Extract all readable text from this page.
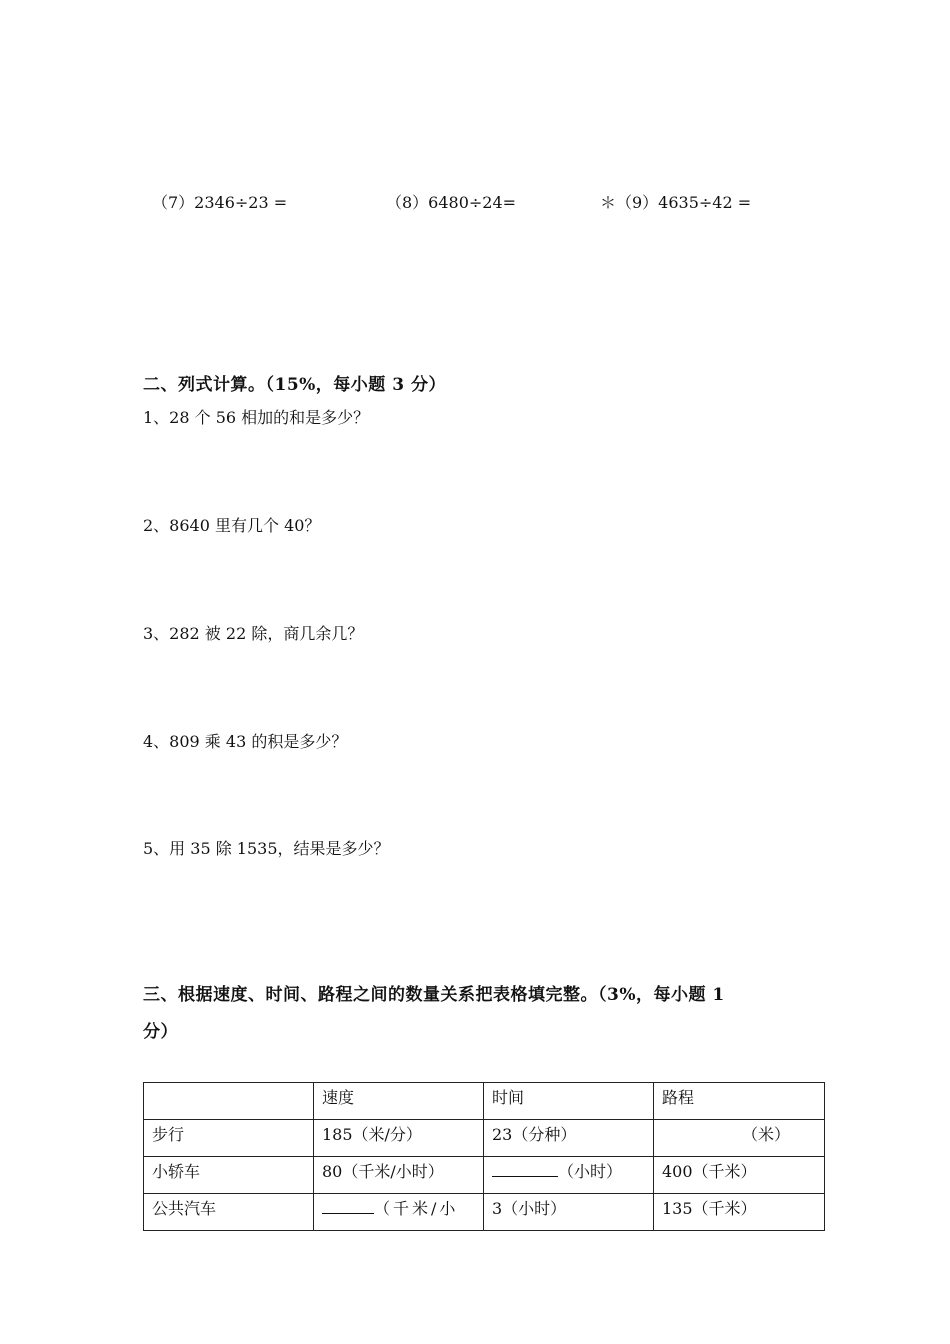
（7）2346÷23 =	（8）6480÷24=	＊（9）4635÷42 =
二、列式计算。（15%，每小题 3 分）
1、28 个 56 相加的和是多少？
2、8640 里有几个 40？
3、282 被 22 除，商几余几？
4、809 乘 43 的积是多少？
5、用 35 除 1535，结果是多少？
三、根据速度、时间、路程之间的数量关系把表格填完整。（3%，每小题 1
分）
	速度	时间	路程
步行	185（米/分）	23（分种）	（米）
小轿车	80（千米/小时）	（小时）	400（千米）
公共汽车	（千米/小	3（小时）	135（千米）
